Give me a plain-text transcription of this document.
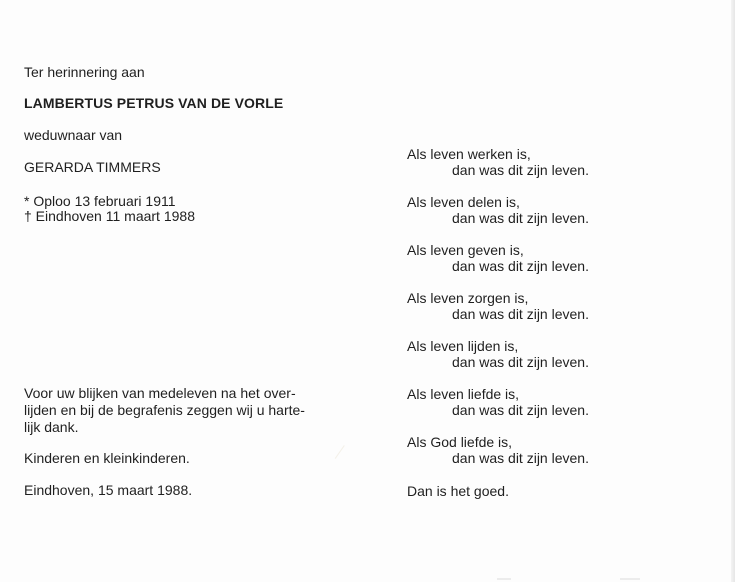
Ter herinnering aan
LAMBERTUS PETRUS VAN DE VORLE
weduwnaar van
GERARDA TIMMERS
* Oploo 13 februari 1911
† Eindhoven 11 maart 1988
Voor uw blijken van medeleven na het over-
lijden en bij de begrafenis zeggen wij u harte-
lijk dank.
Kinderen en kleinkinderen.
Eindhoven, 15 maart 1988.
Als leven werken is,
dan was dit zijn leven.
Als leven delen is,
dan was dit zijn leven.
Als leven geven is,
dan was dit zijn leven.
Als leven zorgen is,
dan was dit zijn leven.
Als leven lijden is,
dan was dit zijn leven.
Als leven liefde is,
dan was dit zijn leven.
Als God liefde is,
dan was dit zijn leven.
Dan is het goed.
